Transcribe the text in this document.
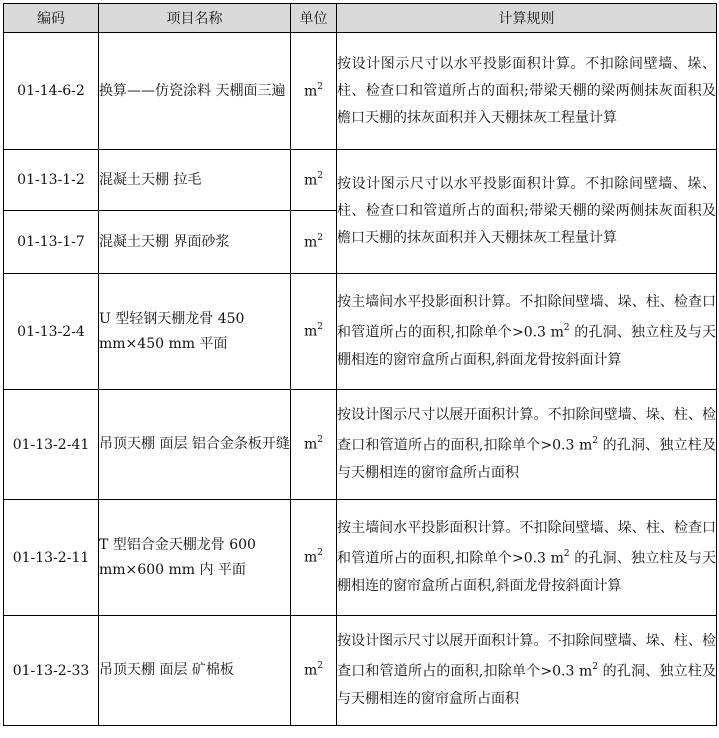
编码	项目名称	单位	计算规则
01-14-6-2	换算——仿瓷涂料 天棚面三遍	$m^2$	按设计图示尺寸以水平投影面积计算。不扣除间壁墙、垛、柱、检查口和管道所占的面积;带梁天棚的梁两侧抹灰面积及檐口天棚的抹灰面积并入天棚抹灰工程量计算
01-13-1-2	混凝土天棚 拉毛	$m^2$	按设计图示尺寸以水平投影面积计算。不扣除间壁墙、垛、柱、检查口和管道所占的面积;带梁天棚的梁两侧抹灰面积及檐口天棚的抹灰面积并入天棚抹灰工程量计算
01-13-1-7	混凝土天棚 界面砂浆	$m^2$
01-13-2-4	U 型轻钢天棚龙骨 450 mm×450 mm 平面	$m^2$	按主墙间水平投影面积计算。不扣除间壁墙、垛、柱、检查口和管道所占的面积,扣除单个>0.3 $m^2$ 的孔洞、独立柱及与天棚相连的窗帘盒所占面积,斜面龙骨按斜面计算
01-13-2-41	吊顶天棚 面层 铝合金条板开缝	$m^2$	按设计图示尺寸以展开面积计算。不扣除间壁墙、垛、柱、检查口和管道所占的面积,扣除单个>0.3 $m^2$ 的孔洞、独立柱及与天棚相连的窗帘盒所占面积
01-13-2-11	T 型铝合金天棚龙骨 600 mm×600 mm 内 平面	$m^2$	按主墙间水平投影面积计算。不扣除间壁墙、垛、柱、检查口和管道所占的面积,扣除单个>0.3 $m^2$ 的孔洞、独立柱及与天棚相连的窗帘盒所占面积,斜面龙骨按斜面计算
01-13-2-33	吊顶天棚 面层 矿棉板	$m^2$	按设计图示尺寸以展开面积计算。不扣除间壁墙、垛、柱、检查口和管道所占的面积,扣除单个>0.3 $m^2$ 的孔洞、独立柱及与天棚相连的窗帘盒所占面积
